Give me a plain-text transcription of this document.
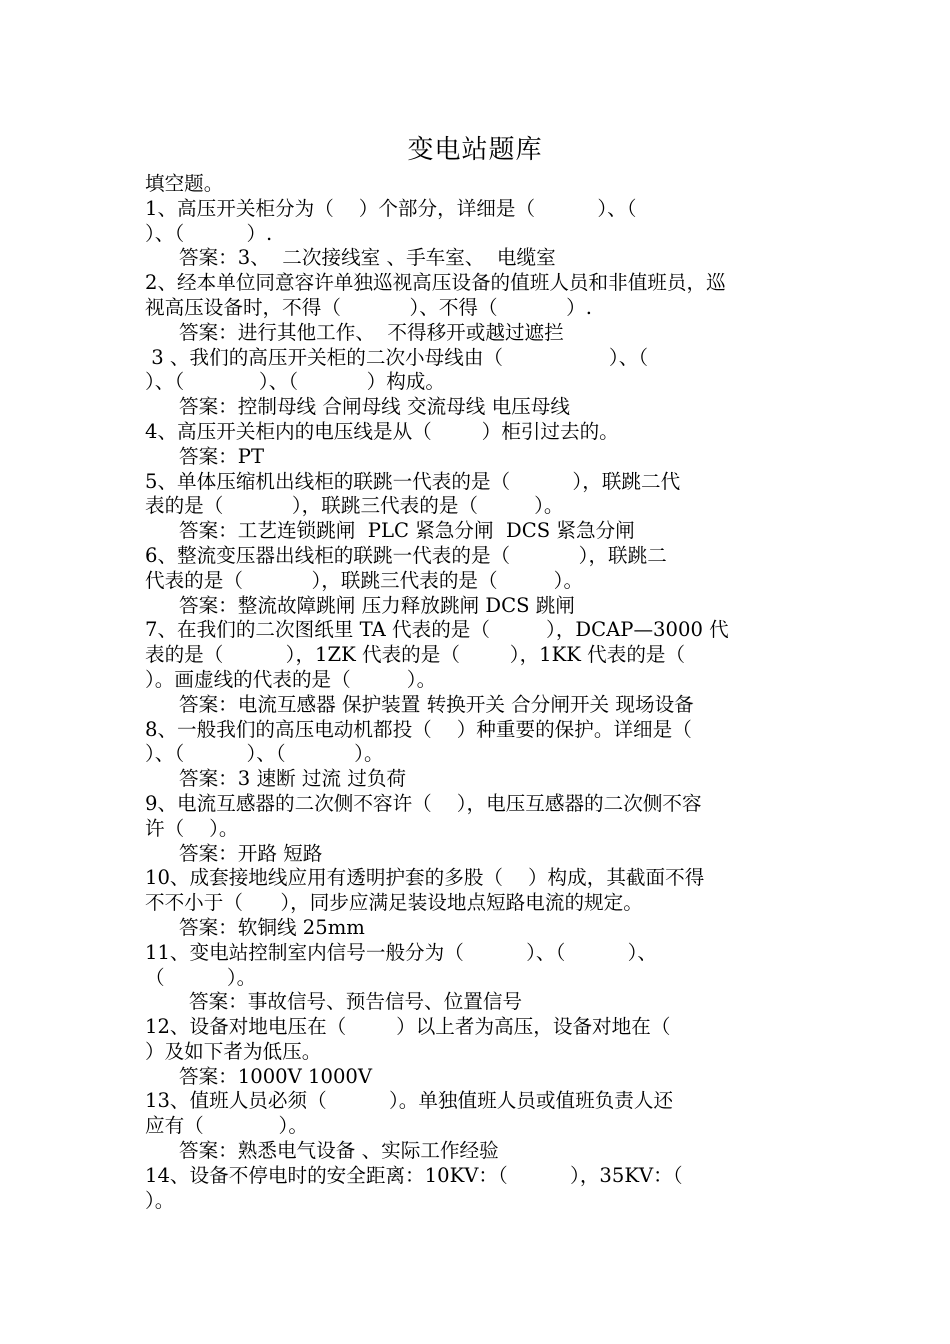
变电站题库
填空题。
1、高压开关柜分为（    ）个部分，详细是（          ）、（
）、（          ）.
答案：3、  二次接线室 、手车室、  电缆室
2、经本单位同意容许单独巡视高压设备的值班人员和非值班员，巡
视高压设备时，不得（           ）、不得（           ）.
答案：进行其他工作、  不得移开或越过遮拦
3 、我们的高压开关柜的二次小母线由（                 ）、（
）、（            ）、（           ）构成。
答案：控制母线 合闸母线 交流母线 电压母线
4、高压开关柜内的电压线是从（        ）柜引过去的。
答案：PT
5、单体压缩机出线柜的联跳一代表的是（          ），联跳二代
表的是（           ），联跳三代表的是（         ）。
答案：工艺连锁跳闸  PLC 紧急分闸  DCS 紧急分闸
6、整流变压器出线柜的联跳一代表的是（           ），联跳二
代表的是（           ），联跳三代表的是（         ）。
答案：整流故障跳闸 压力释放跳闸 DCS 跳闸
7、在我们的二次图纸里 TA 代表的是（         ），DCAP—3000 代
表的是（          ），1ZK 代表的是（        ），1KK 代表的是（
）。画虚线的代表的是（         ）。
答案：电流互感器 保护装置 转换开关 合分闸开关 现场设备
8、一般我们的高压电动机都投（    ）种重要的保护。详细是（
）、（          ）、（           ）。
答案：3 速断 过流 过负荷
9、电流互感器的二次侧不容许（    ），电压互感器的二次侧不容
许（    ）。
答案：开路 短路
10、成套接地线应用有透明护套的多股（    ）构成，其截面不得
不不小于（      ），同步应满足装设地点短路电流的规定。
答案：软铜线 25mm
11、变电站控制室内信号一般分为（          ）、（          ）、
（          ）。
答案：事故信号、预告信号、位置信号
12、设备对地电压在（        ）以上者为高压，设备对地在（
）及如下者为低压。
答案：1000V 1000V
13、值班人员必须（          ）。单独值班人员或值班负责人还
应有（            ）。
答案：熟悉电气设备 、实际工作经验
14、设备不停电时的安全距离：10KV：（          ），35KV：（
）。
